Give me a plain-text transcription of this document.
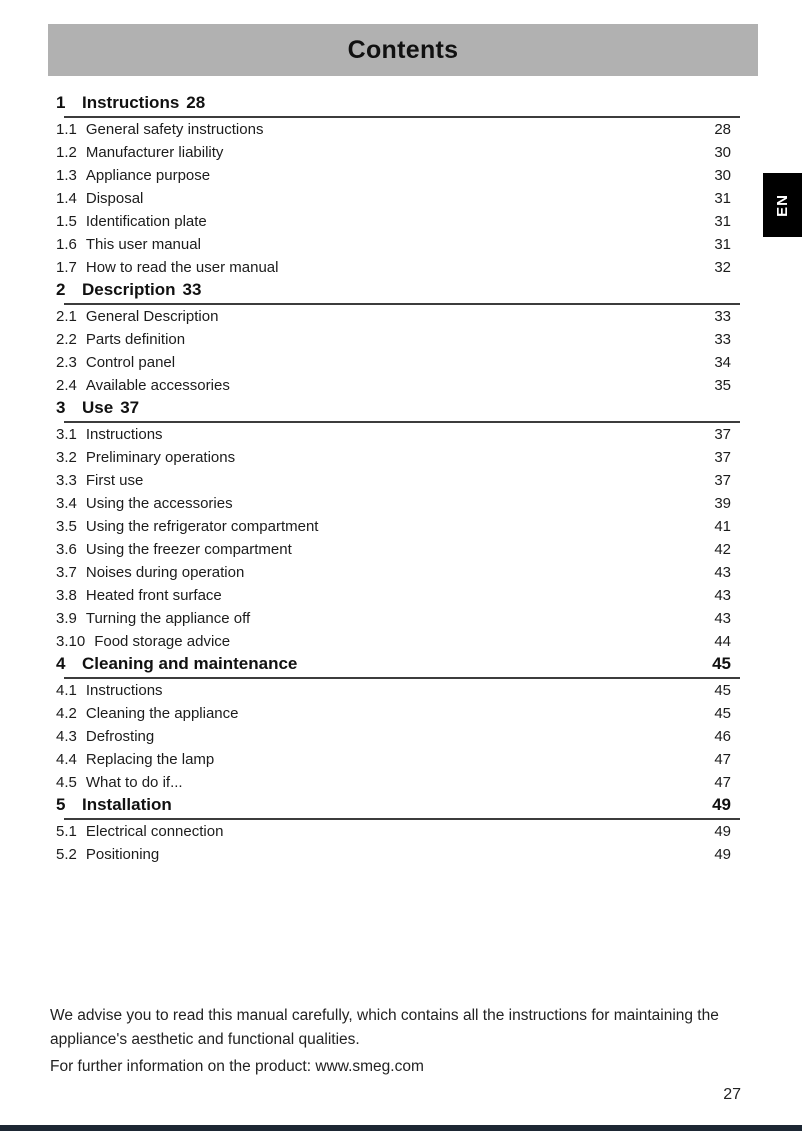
Contents
1 Instructions 28
1.1 General safety instructions	28
1.2 Manufacturer liability	30
1.3 Appliance purpose	30
1.4 Disposal	31
1.5 Identification plate	31
1.6 This user manual	31
1.7 How to read the user manual	32
2 Description 33
2.1 General Description	33
2.2 Parts definition	33
2.3 Control panel	34
2.4 Available accessories	35
3 Use 37
3.1 Instructions	37
3.2 Preliminary operations	37
3.3 First use	37
3.4 Using the accessories	39
3.5 Using the refrigerator compartment	41
3.6 Using the freezer compartment	42
3.7 Noises during operation	43
3.8 Heated front surface	43
3.9 Turning the appliance off	43
3.10 Food storage advice	44
4 Cleaning and maintenance	45
4.1 Instructions	45
4.2 Cleaning the appliance	45
4.3 Defrosting	46
4.4 Replacing the lamp	47
4.5 What to do if...	47
5 Installation	49
5.1 Electrical connection	49
5.2 Positioning	49

We advise you to read this manual carefully, which contains all the instructions for maintaining the appliance's aesthetic and functional qualities.

For further information on the product: www.smeg.com

27
EN
